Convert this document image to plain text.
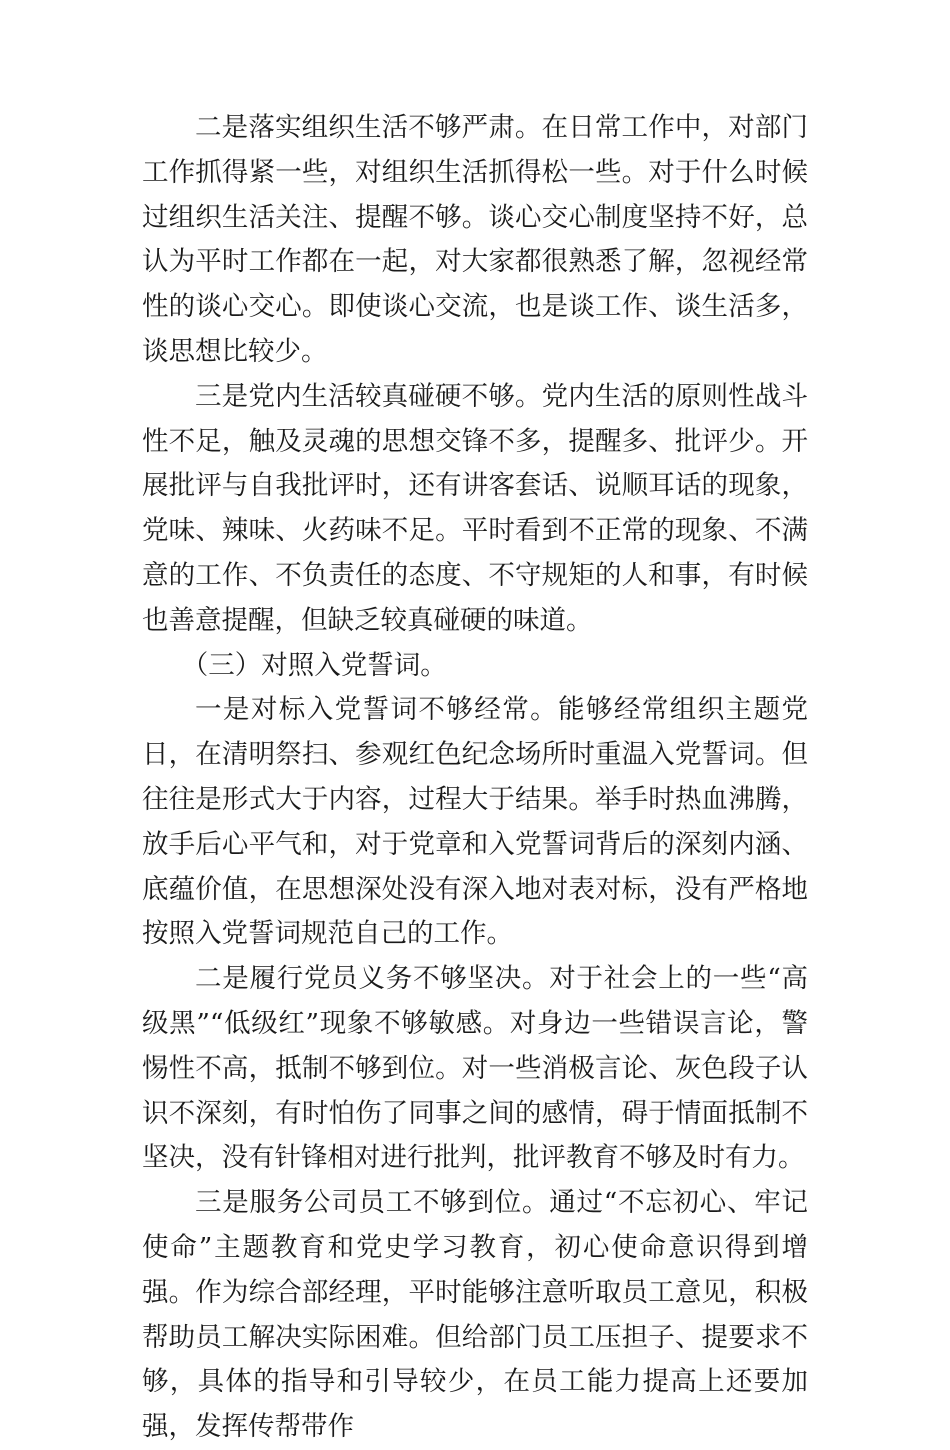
二是落实组织生活不够严肃。在日常工作中，对部门工作抓得紧一些，对组织生活抓得松一些。对于什么时候过组织生活关注、提醒不够。谈心交心制度坚持不好，总认为平时工作都在一起，对大家都很熟悉了解，忽视经常性的谈心交心。即使谈心交流，也是谈工作、谈生活多，谈思想比较少。

三是党内生活较真碰硬不够。党内生活的原则性战斗性不足，触及灵魂的思想交锋不多，提醒多、批评少。开展批评与自我批评时，还有讲客套话、说顺耳话的现象，党味、辣味、火药味不足。平时看到不正常的现象、不满意的工作、不负责任的态度、不守规矩的人和事，有时候也善意提醒，但缺乏较真碰硬的味道。

（三）对照入党誓词。

一是对标入党誓词不够经常。能够经常组织主题党日，在清明祭扫、参观红色纪念场所时重温入党誓词。但往往是形式大于内容，过程大于结果。举手时热血沸腾，放手后心平气和，对于党章和入党誓词背后的深刻内涵、底蕴价值，在思想深处没有深入地对表对标，没有严格地按照入党誓词规范自己的工作。

二是履行党员义务不够坚决。对于社会上的一些“高级黑”“低级红”现象不够敏感。对身边一些错误言论，警惕性不高，抵制不够到位。对一些消极言论、灰色段子认识不深刻，有时怕伤了同事之间的感情，碍于情面抵制不坚决，没有针锋相对进行批判，批评教育不够及时有力。

三是服务公司员工不够到位。通过“不忘初心、牢记使命”主题教育和党史学习教育，初心使命意识得到增强。作为综合部经理，平时能够注意听取员工意见，积极帮助员工解决实际困难。但给部门员工压担子、提要求不够，具体的指导和引导较少，在员工能力提高上还要加强，发挥传帮带作
